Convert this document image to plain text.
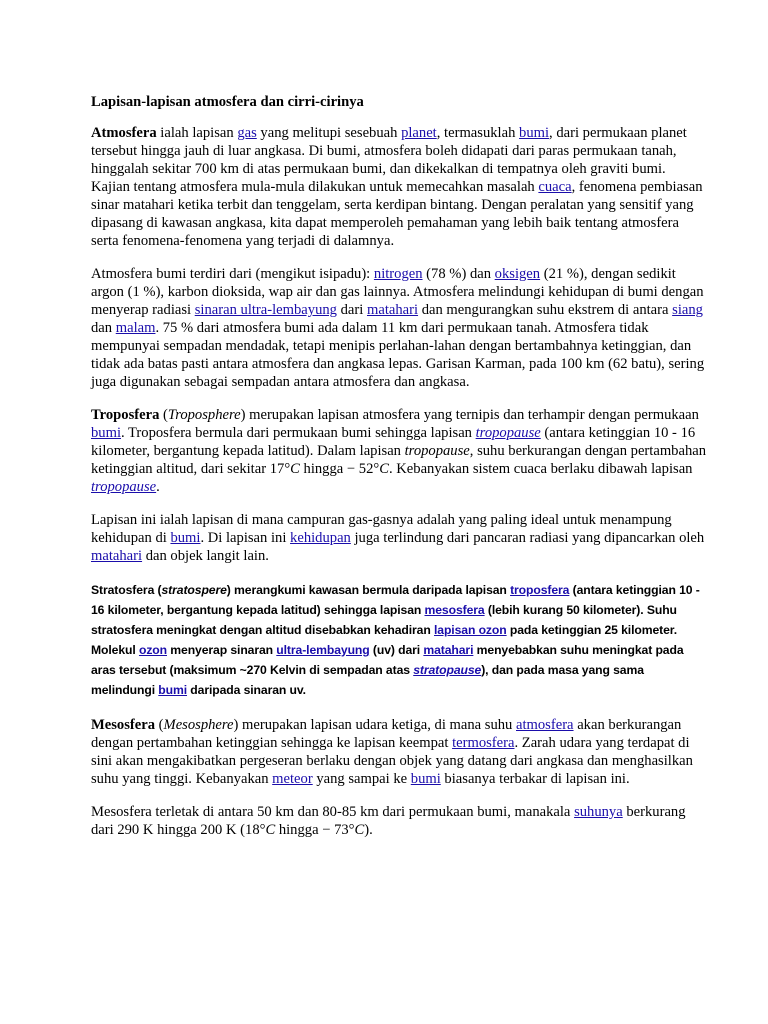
Lapisan-lapisan atmosfera dan cirri-cirinya

Atmosfera ialah lapisan gas yang melitupi sesebuah planet, termasuklah bumi, dari permukaan planet tersebut hingga jauh di luar angkasa. Di bumi, atmosfera boleh didapati dari paras permukaan tanah, hinggalah sekitar 700 km di atas permukaan bumi, dan dikekalkan di tempatnya oleh graviti bumi. Kajian tentang atmosfera mula-mula dilakukan untuk memecahkan masalah cuaca, fenomena pembiasan sinar matahari ketika terbit dan tenggelam, serta kerdipan bintang. Dengan peralatan yang sensitif yang dipasang di kawasan angkasa, kita dapat memperoleh pemahaman yang lebih baik tentang atmosfera serta fenomena-fenomena yang terjadi di dalamnya.

Atmosfera bumi terdiri dari (mengikut isipadu): nitrogen (78 %) dan oksigen (21 %), dengan sedikit argon (1 %), karbon dioksida, wap air dan gas lainnya. Atmosfera melindungi kehidupan di bumi dengan menyerap radiasi sinaran ultra-lembayung dari matahari dan mengurangkan suhu ekstrem di antara siang dan malam. 75 % dari atmosfera bumi ada dalam 11 km dari permukaan tanah. Atmosfera tidak mempunyai sempadan mendadak, tetapi menipis perlahan-lahan dengan bertambahnya ketinggian, dan tidak ada batas pasti antara atmosfera dan angkasa lepas. Garisan Karman, pada 100 km (62 batu), sering juga digunakan sebagai sempadan antara atmosfera dan angkasa.

Troposfera (Troposphere) merupakan lapisan atmosfera yang ternipis dan terhampir dengan permukaan bumi. Troposfera bermula dari permukaan bumi sehingga lapisan tropopause (antara ketinggian 10 - 16 kilometer, bergantung kepada latitud). Dalam lapisan tropopause, suhu berkurangan dengan pertambahan ketinggian altitud, dari sekitar 17°C hingga − 52°C. Kebanyakan sistem cuaca berlaku dibawah lapisan tropopause.

Lapisan ini ialah lapisan di mana campuran gas-gasnya adalah yang paling ideal untuk menampung kehidupan di bumi. Di lapisan ini kehidupan juga terlindung dari pancaran radiasi yang dipancarkan oleh matahari dan objek langit lain.

Stratosfera (stratospere) merangkumi kawasan bermula daripada lapisan troposfera (antara ketinggian 10 - 16 kilometer, bergantung kepada latitud) sehingga lapisan mesosfera (lebih kurang 50 kilometer). Suhu stratosfera meningkat dengan altitud disebabkan kehadiran lapisan ozon pada ketinggian 25 kilometer. Molekul ozon menyerap sinaran ultra-lembayung (uv) dari matahari menyebabkan suhu meningkat pada aras tersebut (maksimum ~270 Kelvin di sempadan atas stratopause), dan pada masa yang sama melindungi bumi daripada sinaran uv.

Mesosfera (Mesosphere) merupakan lapisan udara ketiga, di mana suhu atmosfera akan berkurangan dengan pertambahan ketinggian sehingga ke lapisan keempat termosfera. Zarah udara yang terdapat di sini akan mengakibatkan pergeseran berlaku dengan objek yang datang dari angkasa dan menghasilkan suhu yang tinggi. Kebanyakan meteor yang sampai ke bumi biasanya terbakar di lapisan ini.

Mesosfera terletak di antara 50 km dan 80-85 km dari permukaan bumi, manakala suhunya berkurang dari 290 K hingga 200 K (18°C hingga − 73°C).
